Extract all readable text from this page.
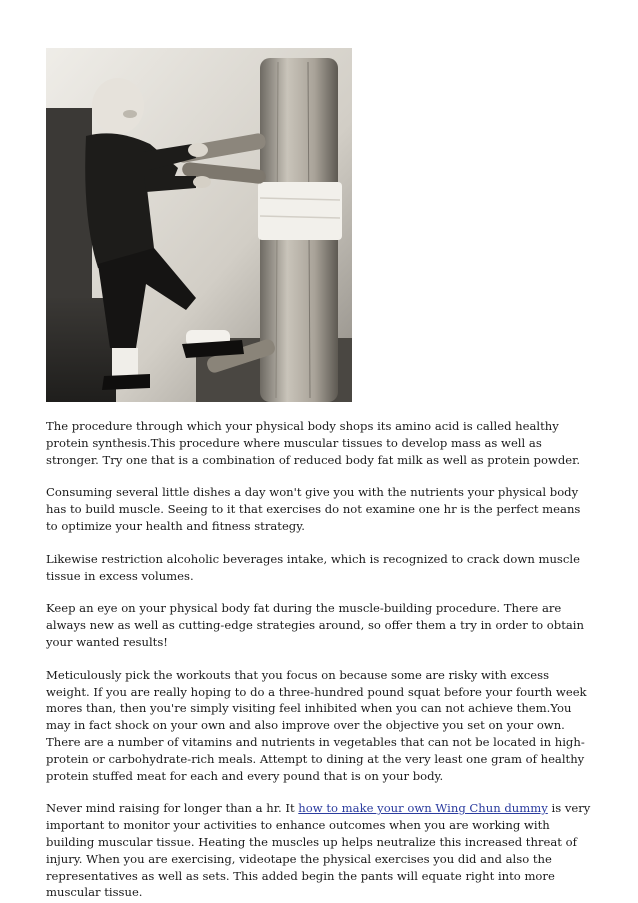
The procedure through which your physical body shops its amino acid is called healthy protein synthesis.This procedure where muscular tissues to develop mass as well as stronger. Try one that is a combination of reduced body fat milk as well as protein powder.

Consuming several little dishes a day won't give you with the nutrients your physical body has to build muscle. Seeing to it that exercises do not examine one hr is the perfect means to optimize your health and fitness strategy.

Likewise restriction alcoholic beverages intake, which is recognized to crack down muscle tissue in excess volumes.

Keep an eye on your physical body fat during the muscle-building procedure. There are always new as well as cutting-edge strategies around, so offer them a try in order to obtain your wanted results!

Meticulously pick the workouts that you focus on because some are risky with excess weight. If you are really hoping to do a three-hundred pound squat before your fourth week mores than, then you're simply visiting feel inhibited when you can not achieve them.You may in fact shock on your own and also improve over the objective you set on your own. There are a number of vitamins and nutrients in vegetables that can not be located in high-protein or carbohydrate-rich meals. Attempt to dining at the very least one gram of healthy protein stuffed meat for each and every pound that is on your body.

Never mind raising for longer than a hr. It how to make your own Wing Chun dummy is very important to monitor your activities to enhance outcomes when you are working with building muscular tissue. Heating the muscles up helps neutralize this increased threat of injury. When you are exercising, videotape the physical exercises you did and also the representatives as well as sets. This added begin the pants will equate right into more muscular tissue.
